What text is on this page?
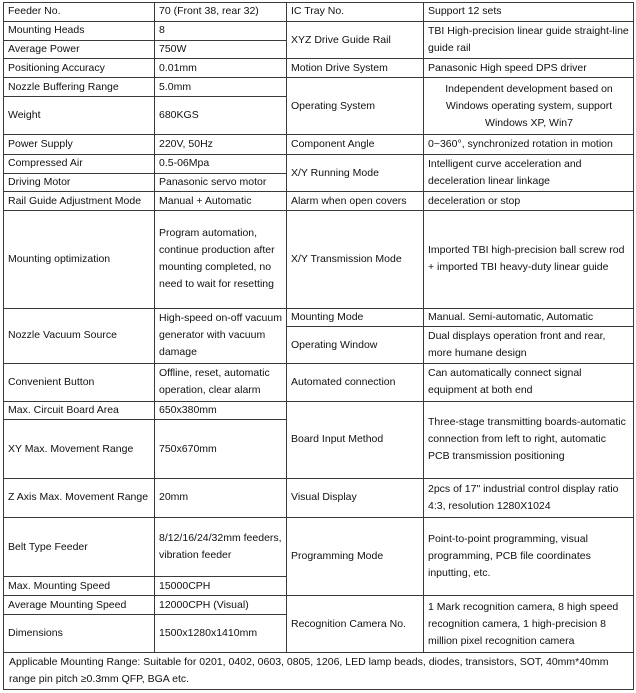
Feeder No.	70 (Front 38, rear 32)	IC Tray No.	Support 12 sets
Mounting Heads	8	XYZ Drive Guide Rail	TBI High-precision linear guide straight-line guide rail
Average Power	750W		
Positioning Accuracy	0.01mm	Motion Drive System	Panasonic High speed DPS driver
Nozzle Buffering Range	5.0mm	Operating System	Independent development based on Windows operating system, support Windows XP, Win7
Weight	680KGS		
Power Supply	220V, 50Hz	Component Angle	0~360°, synchronized rotation in motion
Compressed Air	0.5-06Mpa	X/Y Running Mode	Intelligent curve acceleration and deceleration linear linkage
Driving Motor	Panasonic servo motor		
Rail Guide Adjustment Mode	Manual + Automatic	Alarm when open covers	deceleration or stop
Mounting optimization	Program automation, continue production after mounting completed, no need to wait for resetting	X/Y Transmission Mode	Imported TBI high-precision ball screw rod + imported TBI heavy-duty linear guide
Nozzle Vacuum Source	High-speed on-off vacuum generator with vacuum damage	Mounting Mode	Manual. Semi-automatic, Automatic
		Operating Window	Dual displays operation front and rear, more humane design
Convenient Button	Offline, reset, automatic operation, clear alarm	Automated connection	Can automatically connect signal equipment at both end
Max. Circuit Board Area	650x380mm	Board Input Method	Three-stage transmitting boards-automatic connection from left to right, automatic PCB transmission positioning
XY Max. Movement Range	750x670mm		
Z Axis Max. Movement Range	20mm	Visual Display	2pcs of 17" industrial control display ratio 4:3, resolution 1280X1024
Belt Type Feeder	8/12/16/24/32mm feeders, vibration feeder	Programming Mode	Point-to-point programming, visual programming, PCB file coordinates inputting, etc.
Max. Mounting Speed	15000CPH		
Average Mounting Speed	12000CPH (Visual)	Recognition Camera No.	1 Mark recognition camera, 8 high speed recognition camera, 1 high-precision 8 million pixel recognition camera
Dimensions	1500x1280x1410mm		
Applicable Mounting Range: Suitable for 0201, 0402, 0603, 0805, 1206, LED lamp beads, diodes, transistors, SOT, 40mm*40mm range pin pitch ≥0.3mm QFP, BGA etc.			
